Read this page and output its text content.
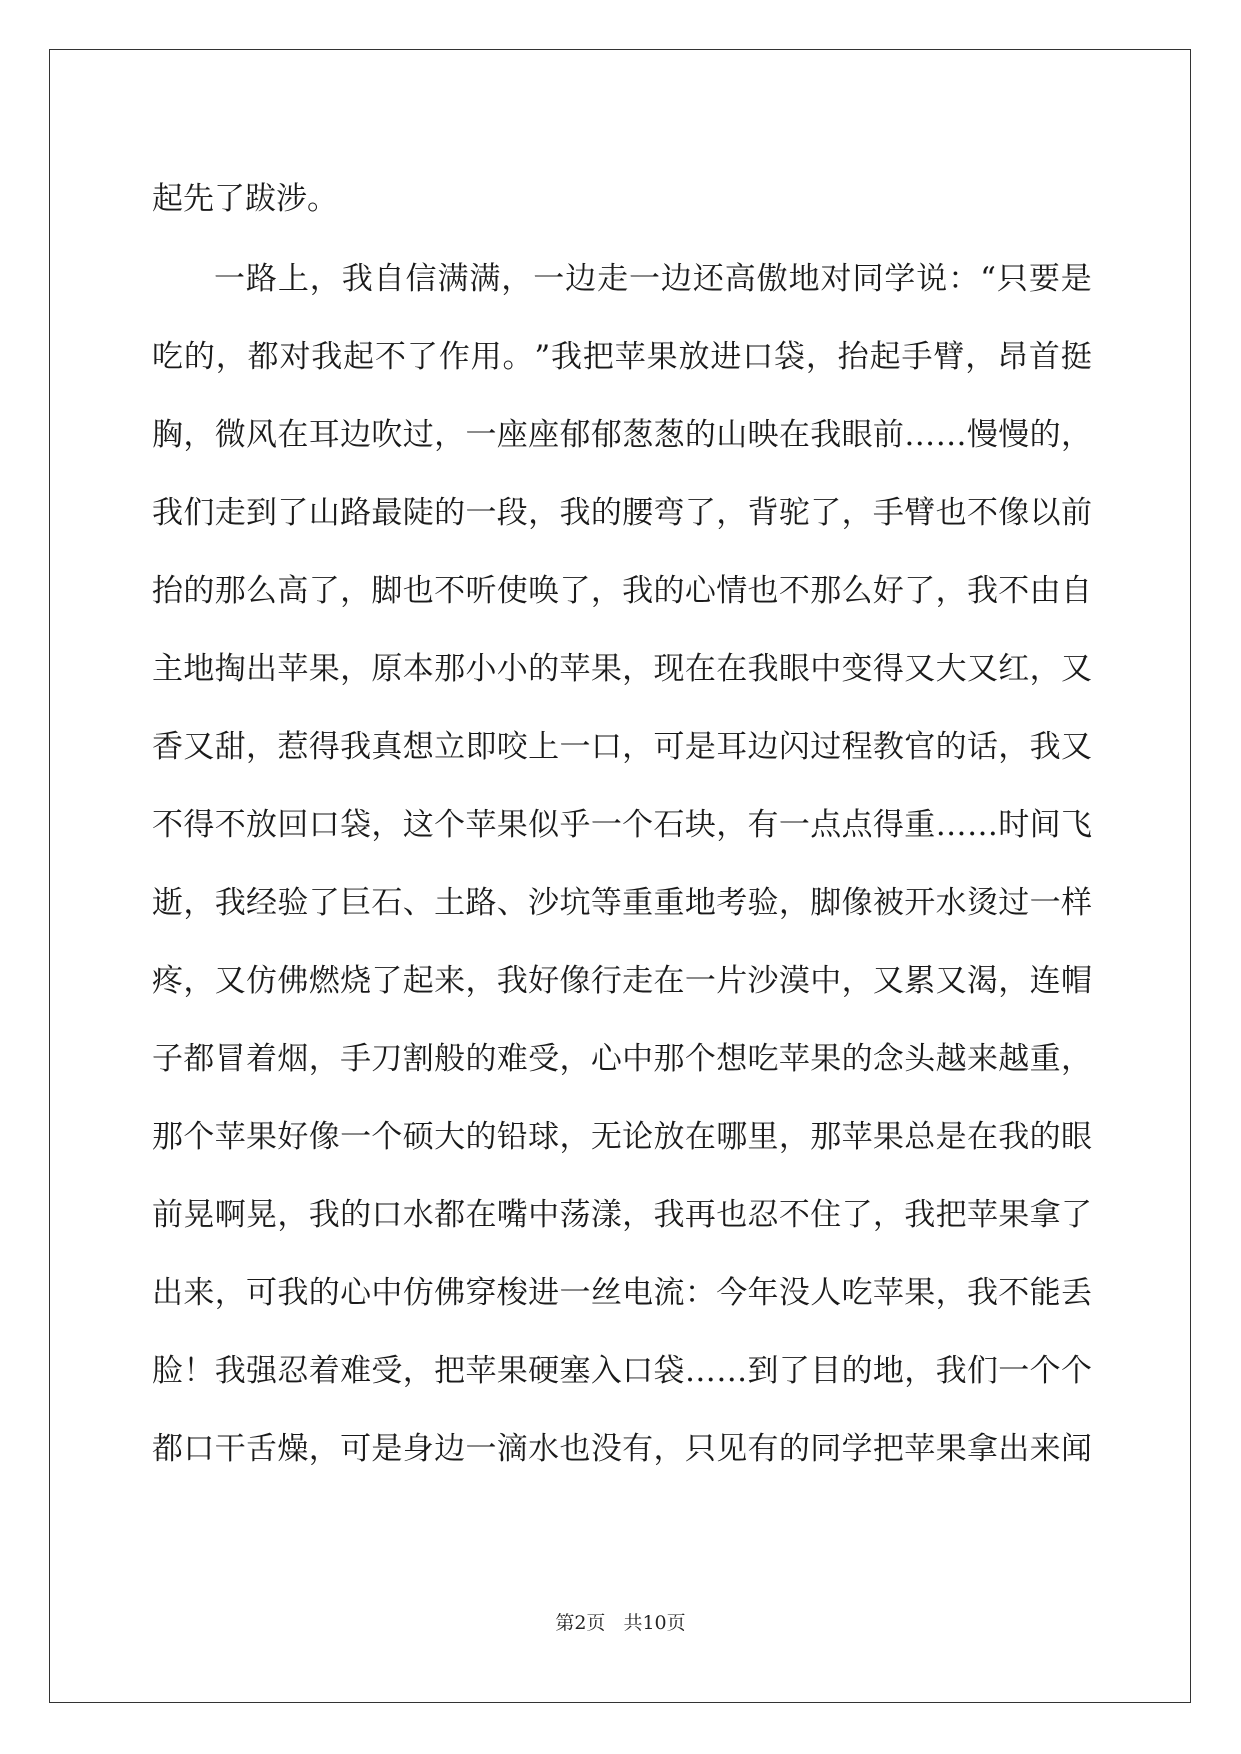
起先了跋涉。
一 路 上 ， 我 自 信 满 满 ， 一 边 走 一 边 还 高 傲 地 对 同 学 说 ： “ 只 要 是
吃 的 ， 都 对 我 起 不 了 作 用 。 ” 我 把 苹 果 放 进 口 袋 ， 抬 起 手 臂 ， 昂 首 挺
胸 ， 微 风 在 耳 边 吹 过 ， 一 座 座 郁 郁 葱 葱 的 山 映 在 我 眼 前 … … 慢 慢 的 ，
我 们 走 到 了 山 路 最 陡 的 一 段 ， 我 的 腰 弯 了 ， 背 驼 了 ， 手 臂 也 不 像 以 前
抬 的 那 么 高 了 ， 脚 也 不 听 使 唤 了 ， 我 的 心 情 也 不 那 么 好 了 ， 我 不 由 自
主 地 掏 出 苹 果 ， 原 本 那 小 小 的 苹 果 ， 现 在 在 我 眼 中 变 得 又 大 又 红 ， 又
香 又 甜 ， 惹 得 我 真 想 立 即 咬 上 一 口 ， 可 是 耳 边 闪 过 程 教 官 的 话 ， 我 又
不 得 不 放 回 口 袋 ， 这 个 苹 果 似 乎 一 个 石 块 ， 有 一 点 点 得 重 … … 时 间 飞
逝 ， 我 经 验 了 巨 石 、 土 路 、 沙 坑 等 重 重 地 考 验 ， 脚 像 被 开 水 烫 过 一 样
疼 ， 又 仿 佛 燃 烧 了 起 来 ， 我 好 像 行 走 在 一 片 沙 漠 中 ， 又 累 又 渴 ， 连 帽
子 都 冒 着 烟 ， 手 刀 割 般 的 难 受 ， 心 中 那 个 想 吃 苹 果 的 念 头 越 来 越 重 ，
那 个 苹 果 好 像 一 个 硕 大 的 铅 球 ， 无 论 放 在 哪 里 ， 那 苹 果 总 是 在 我 的 眼
前 晃 啊 晃 ， 我 的 口 水 都 在 嘴 中 荡 漾 ， 我 再 也 忍 不 住 了 ， 我 把 苹 果 拿 了
出 来 ， 可 我 的 心 中 仿 佛 穿 梭 进 一 丝 电 流 ： 今 年 没 人 吃 苹 果 ， 我 不 能 丢
脸 ！ 我 强 忍 着 难 受 ， 把 苹 果 硬 塞 入 口 袋 … … 到 了 目 的 地 ， 我 们 一 个 个
都 口 干 舌 燥 ， 可 是 身 边 一 滴 水 也 没 有 ， 只 见 有 的 同 学 把 苹 果 拿 出 来 闻
第2页 共10页
